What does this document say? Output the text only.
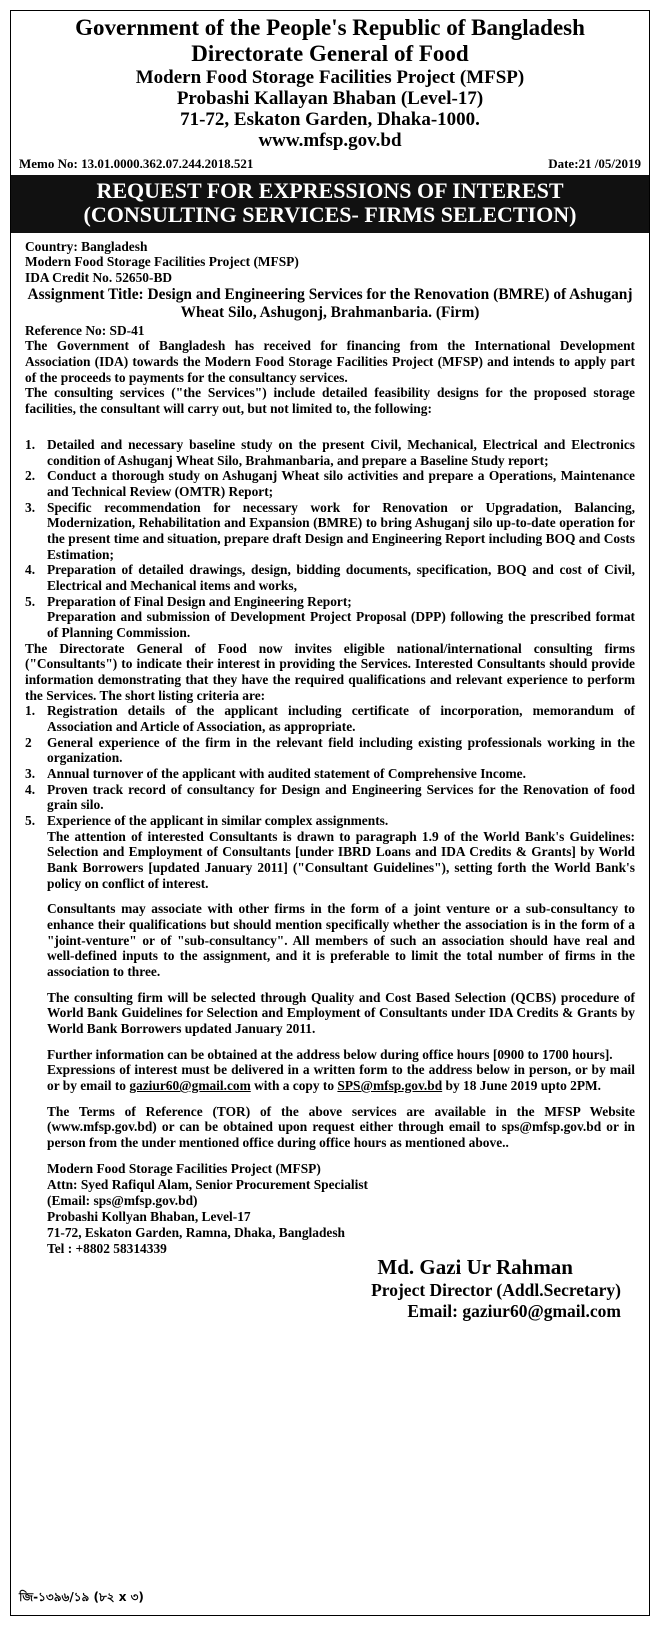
Government of the People's Republic of Bangladesh
Directorate General of Food
Modern Food Storage Facilities Project (MFSP)
Probashi Kallayan Bhaban (Level-17)
71-72, Eskaton Garden, Dhaka-1000.
www.mfsp.gov.bd
Memo No: 13.01.0000.362.07.244.2018.521	Date:21 /05/2019
REQUEST FOR EXPRESSIONS OF INTEREST
(CONSULTING SERVICES- FIRMS SELECTION)

Country: Bangladesh

Modern Food Storage Facilities Project (MFSP)

IDA Credit No. 52650-BD

Assignment Title: Design and Engineering Services for the Renovation (BMRE) of Ashuganj Wheat Silo, Ashugonj, Brahmanbaria. (Firm)

Reference No: SD-41

The Government of Bangladesh has received for financing from the International Development Association (IDA) towards the Modern Food Storage Facilities Project (MFSP) and intends to apply part of the proceeds to payments for the consultancy services.

The consulting services ("the Services") include detailed feasibility designs for the proposed storage facilities, the consultant will carry out, but not limited to, the following:

1. Detailed and necessary baseline study on the present Civil, Mechanical, Electrical and Electronics condition of Ashuganj Wheat Silo, Brahmanbaria, and prepare a Baseline Study report;
2. Conduct a thorough study on Ashuganj Wheat silo activities and prepare a Operations, Maintenance and Technical Review (OMTR) Report;
3. Specific recommendation for necessary work for Renovation or Upgradation, Balancing, Modernization, Rehabilitation and Expansion (BMRE) to bring Ashuganj silo up-to-date operation for the present time and situation, prepare draft Design and Engineering Report including BOQ and Costs Estimation;
4. Preparation of detailed drawings, design, bidding documents, specification, BOQ and cost of Civil, Electrical and Mechanical items and works,
5. Preparation of Final Design and Engineering Report;

Preparation and submission of Development Project Proposal (DPP) following the prescribed format of Planning Commission.

The Directorate General of Food now invites eligible national/international consulting firms ("Consultants") to indicate their interest in providing the Services. Interested Consultants should provide information demonstrating that they have the required qualifications and relevant experience to perform the Services. The short listing criteria are:

1. Registration details of the applicant including certificate of incorporation, memorandum of Association and Article of Association, as appropriate.
2	General experience of the firm in the relevant field including existing professionals working in the organization.
3. Annual turnover of the applicant with audited statement of Comprehensive Income.
4. Proven track record of consultancy for Design and Engineering Services for the Renovation of food grain silo.
5. Experience of the applicant in similar complex assignments.

The attention of interested Consultants is drawn to paragraph 1.9 of the World Bank's Guidelines: Selection and Employment of Consultants [under IBRD Loans and IDA Credits & Grants] by World Bank Borrowers [updated January 2011] ("Consultant Guidelines"), setting forth the World Bank's policy on conflict of interest.

Consultants may associate with other firms in the form of a joint venture or a sub-consultancy to enhance their qualifications but should mention specifically whether the association is in the form of a "joint-venture" or of "sub-consultancy". All members of such an association should have real and well-defined inputs to the assignment, and it is preferable to limit the total number of firms in the association to three.

The consulting firm will be selected through Quality and Cost Based Selection (QCBS) procedure of World Bank Guidelines for Selection and Employment of Consultants under IDA Credits & Grants by World Bank Borrowers updated January 2011.

Further information can be obtained at the address below during office hours [0900 to 1700 hours].

Expressions of interest must be delivered in a written form to the address below in person, or by mail or by email to gaziur60@gmail.com with a copy to SPS@mfsp.gov.bd by 18 June 2019 upto 2PM.

The Terms of Reference (TOR) of the above services are available in the MFSP Website (www.mfsp.gov.bd) or can be obtained upon request either through email to sps@mfsp.gov.bd or in person from the under mentioned office during office hours as mentioned above..

Modern Food Storage Facilities Project (MFSP)
Attn: Syed Rafiqul Alam, Senior Procurement Specialist
(Email: sps@mfsp.gov.bd)
Probashi Kollyan Bhaban, Level-17
71-72, Eskaton Garden, Ramna, Dhaka, Bangladesh
Tel : +8802 58314339
Md. Gazi Ur Rahman
Project Director (Addl.Secretary)
Email: gaziur60@gmail.com
জি-১৩৯৬/১৯ (৮২ x ৩)
